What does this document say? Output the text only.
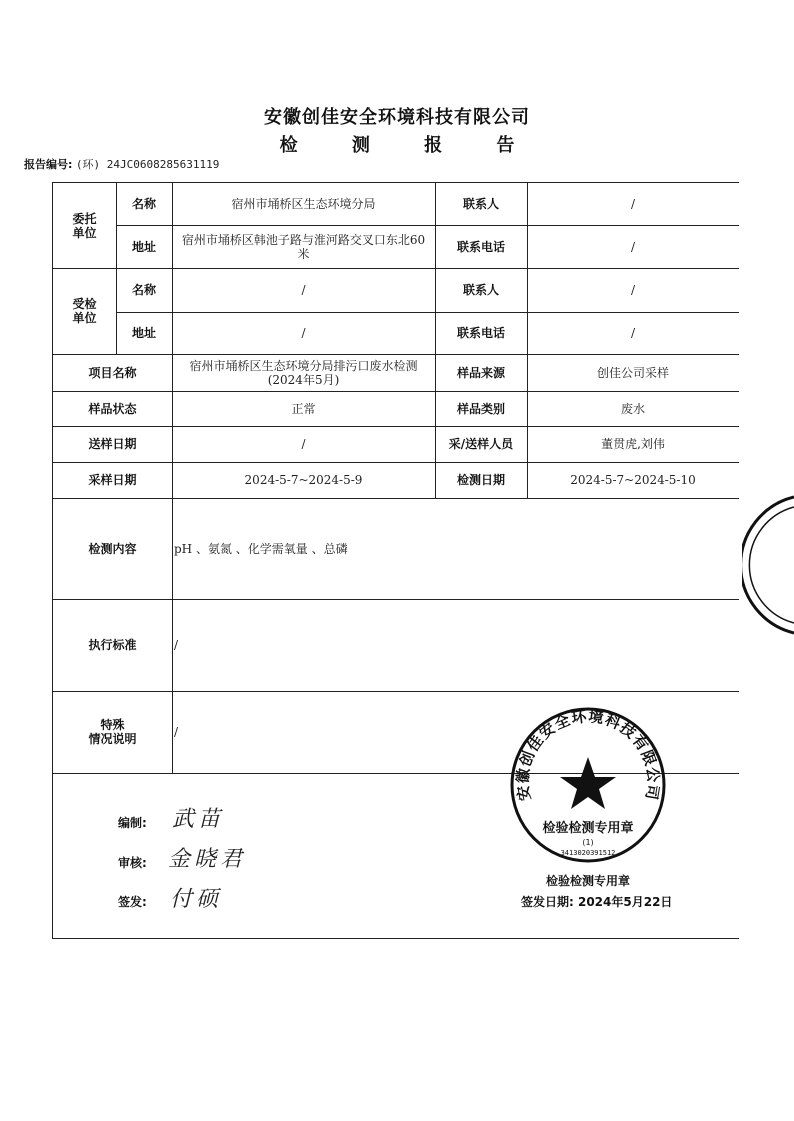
安徽创佳安全环境科技有限公司
检 测 报 告
报告编号: (环) 24JC0608285631119
委托
单位
名称	宿州市埇桥区生态环境分局	联系人	/
地址	宿州市埇桥区韩池子路与淮河路交叉口东北60米	联系电话	/
受检
单位
名称	/	联系人	/
地址	/	联系电话	/
项目名称	宿州市埇桥区生态环境分局排污口废水检测(2024年5月)	样品来源	创佳公司采样
样品状态	正常	样品类别	废水
送样日期	/	采/送样人员	董贯虎,刘伟
采样日期	2024-5-7~2024-5-9	检测日期	2024-5-7~2024-5-10
检测内容	pH 、氨氮 、化学需氧量 、总磷
执行标准	/
特殊
情况说明	/
编制: 武苗
审核: 金晓君
签发: 付硕
安徽创佳安全环境科技有限公司
检验检测专用章
(1)
3413020391512
检验检测专用章
签发日期: 2024年5月22日
